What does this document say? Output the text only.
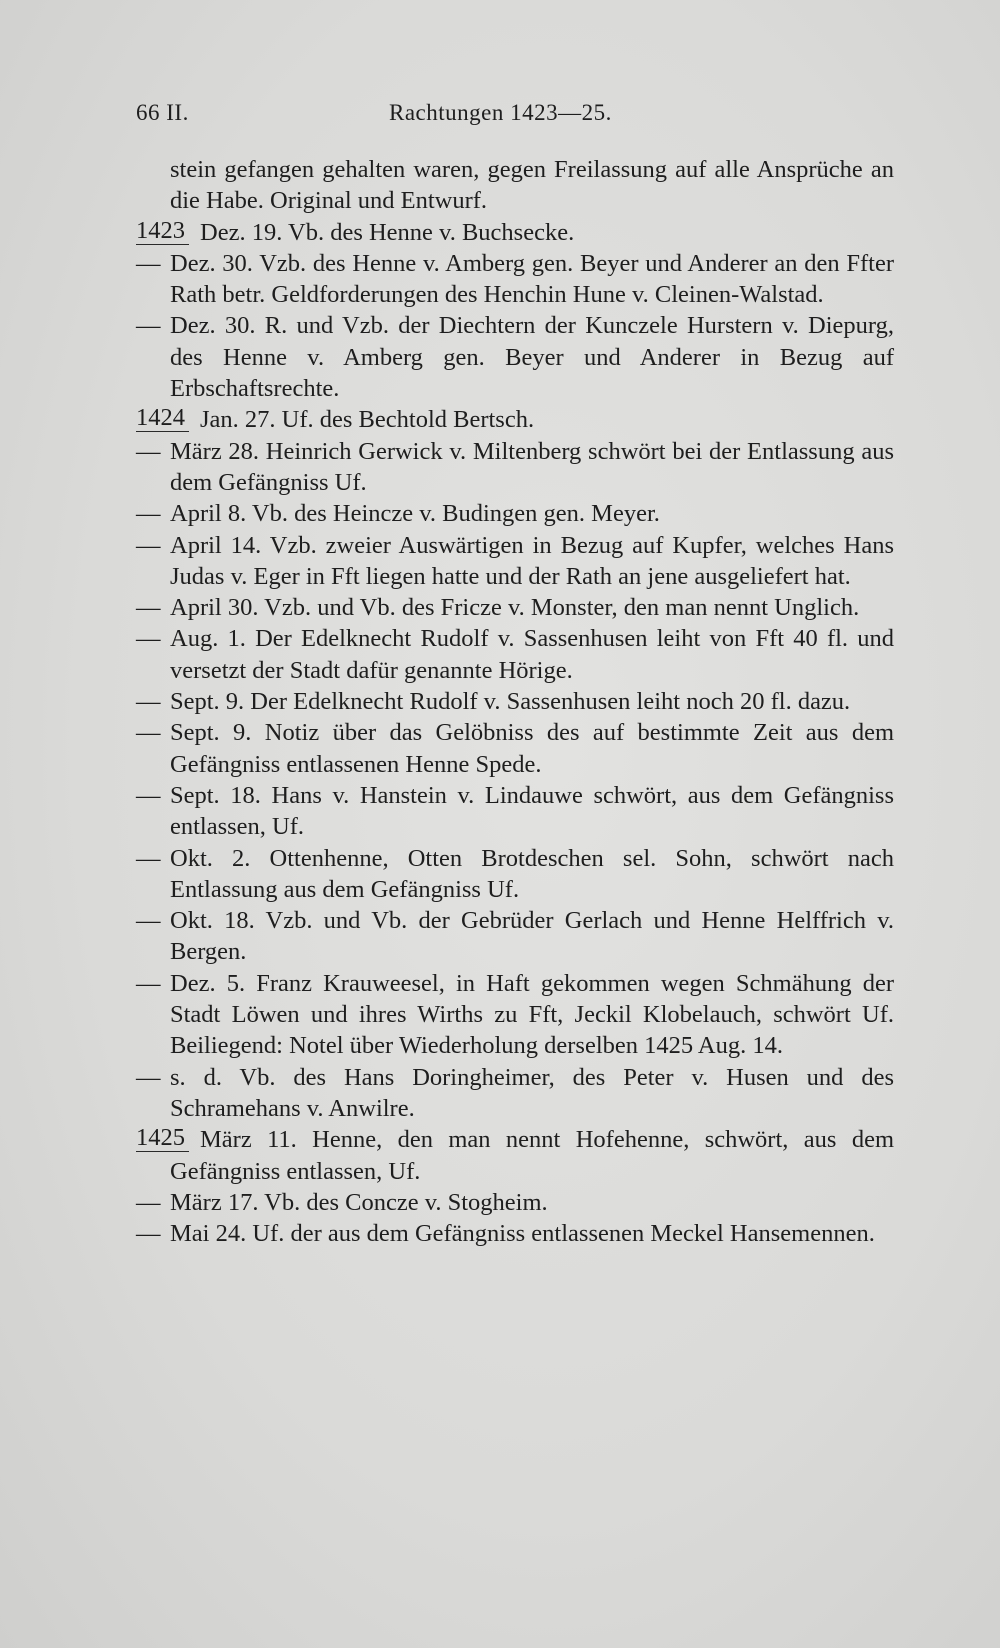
66 II.	Rachtungen 1423—25.
stein gefangen gehalten waren, gegen Freilassung auf alle Ansprüche an die Habe. Original und Entwurf.
1423 Dez. 19. Vb. des Henne v. Buchsecke.
— Dez. 30. Vzb. des Henne v. Amberg gen. Beyer und Anderer an den Ffter Rath betr. Geldforderungen des Henchin Hune v. Cleinen-Walstad.
— Dez. 30. R. und Vzb. der Diechtern der Kunczele Hurstern v. Diepurg, des Henne v. Amberg gen. Beyer und Anderer in Bezug auf Erbschaftsrechte.
1424 Jan. 27. Uf. des Bechtold Bertsch.
— März 28. Heinrich Gerwick v. Miltenberg schwört bei der Entlassung aus dem Gefängniss Uf.
— April 8. Vb. des Heincze v. Budingen gen. Meyer.
— April 14. Vzb. zweier Auswärtigen in Bezug auf Kupfer, welches Hans Judas v. Eger in Fft liegen hatte und der Rath an jene ausgeliefert hat.
— April 30. Vzb. und Vb. des Fricze v. Monster, den man nennt Unglich.
— Aug. 1. Der Edelknecht Rudolf v. Sassenhusen leiht von Fft 40 fl. und versetzt der Stadt dafür genannte Hörige.
— Sept. 9. Der Edelknecht Rudolf v. Sassenhusen leiht noch 20 fl. dazu.
— Sept. 9. Notiz über das Gelöbniss des auf bestimmte Zeit aus dem Gefängniss entlassenen Henne Spede.
— Sept. 18. Hans v. Hanstein v. Lindauwe schwört, aus dem Gefängniss entlassen, Uf.
— Okt. 2. Ottenhenne, Otten Brotdeschen sel. Sohn, schwört nach Entlassung aus dem Gefängniss Uf.
— Okt. 18. Vzb. und Vb. der Gebrüder Gerlach und Henne Helffrich v. Bergen.
— Dez. 5. Franz Krauweesel, in Haft gekommen wegen Schmähung der Stadt Löwen und ihres Wirths zu Fft, Jeckil Klobelauch, schwört Uf. Beiliegend: Notel über Wiederholung derselben 1425 Aug. 14.
— s. d. Vb. des Hans Doringheimer, des Peter v. Husen und des Schramehans v. Anwilre.
1425 März 11. Henne, den man nennt Hofehenne, schwört, aus dem Gefängniss entlassen, Uf.
— März 17. Vb. des Concze v. Stogheim.
— Mai 24. Uf. der aus dem Gefängniss entlassenen Meckel Hansemennen.
